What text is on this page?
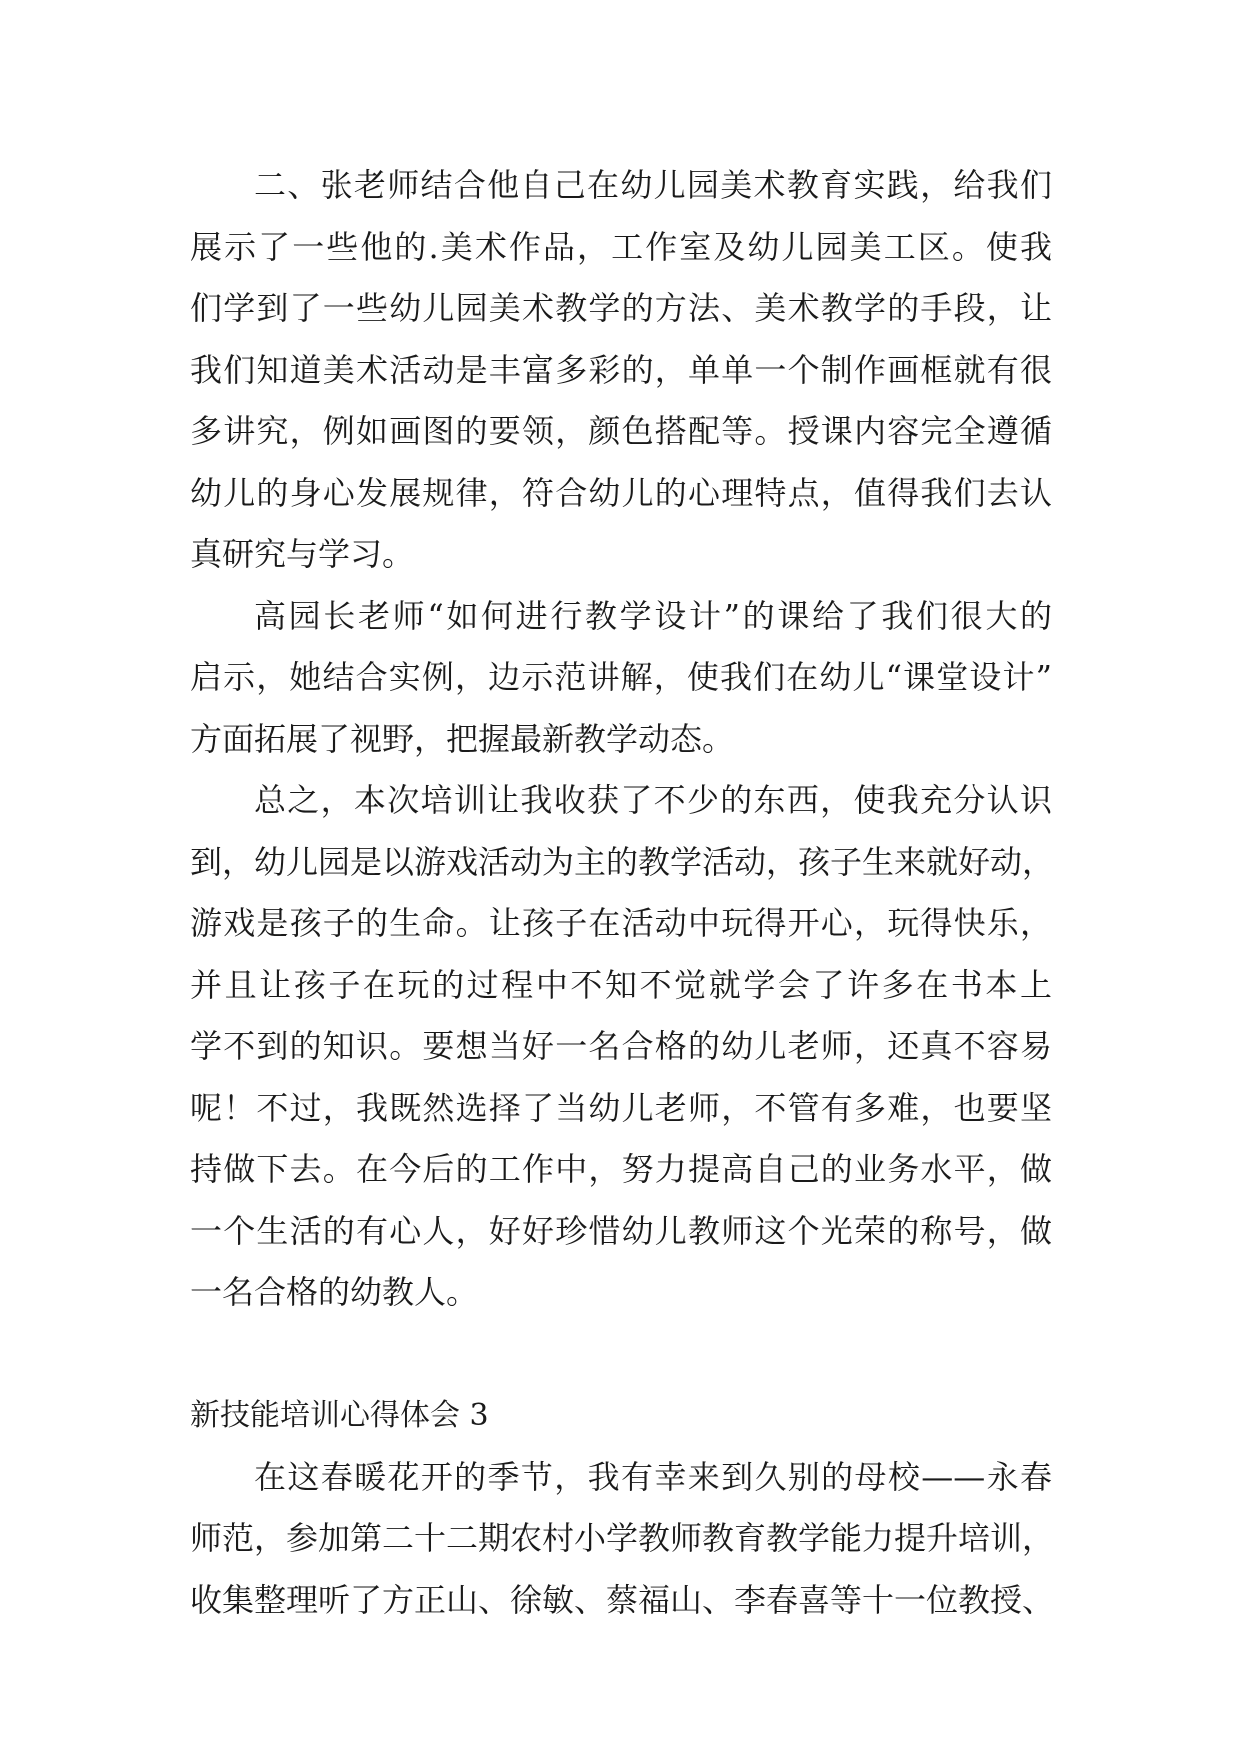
二、张老师结合他自己在幼儿园美术教育实践，给我们
展示了一些他的.美术作品，工作室及幼儿园美工区。使我
们学到了一些幼儿园美术教学的方法、美术教学的手段，让
我们知道美术活动是丰富多彩的，单单一个制作画框就有很
多讲究，例如画图的要领，颜色搭配等。授课内容完全遵循
幼儿的身心发展规律，符合幼儿的心理特点，值得我们去认
真研究与学习。
高园长老师“如何进行教学设计”的课给了我们很大的
启示，她结合实例，边示范讲解，使我们在幼儿“课堂设计”
方面拓展了视野，把握最新教学动态。
总之，本次培训让我收获了不少的东西，使我充分认识
到，幼儿园是以游戏活动为主的教学活动，孩子生来就好动，
游戏是孩子的生命。让孩子在活动中玩得开心，玩得快乐，
并且让孩子在玩的过程中不知不觉就学会了许多在书本上
学不到的知识。要想当好一名合格的幼儿老师，还真不容易
呢！不过，我既然选择了当幼儿老师，不管有多难，也要坚
持做下去。在今后的工作中，努力提高自己的业务水平，做
一个生活的有心人，好好珍惜幼儿教师这个光荣的称号，做
一名合格的幼教人。
新技能培训心得体会 3
在这春暖花开的季节，我有幸来到久别的母校——永春
师范，参加第二十二期农村小学教师教育教学能力提升培训，
收集整理听了方正山、徐敏、蔡福山、李春喜等十一位教授、
